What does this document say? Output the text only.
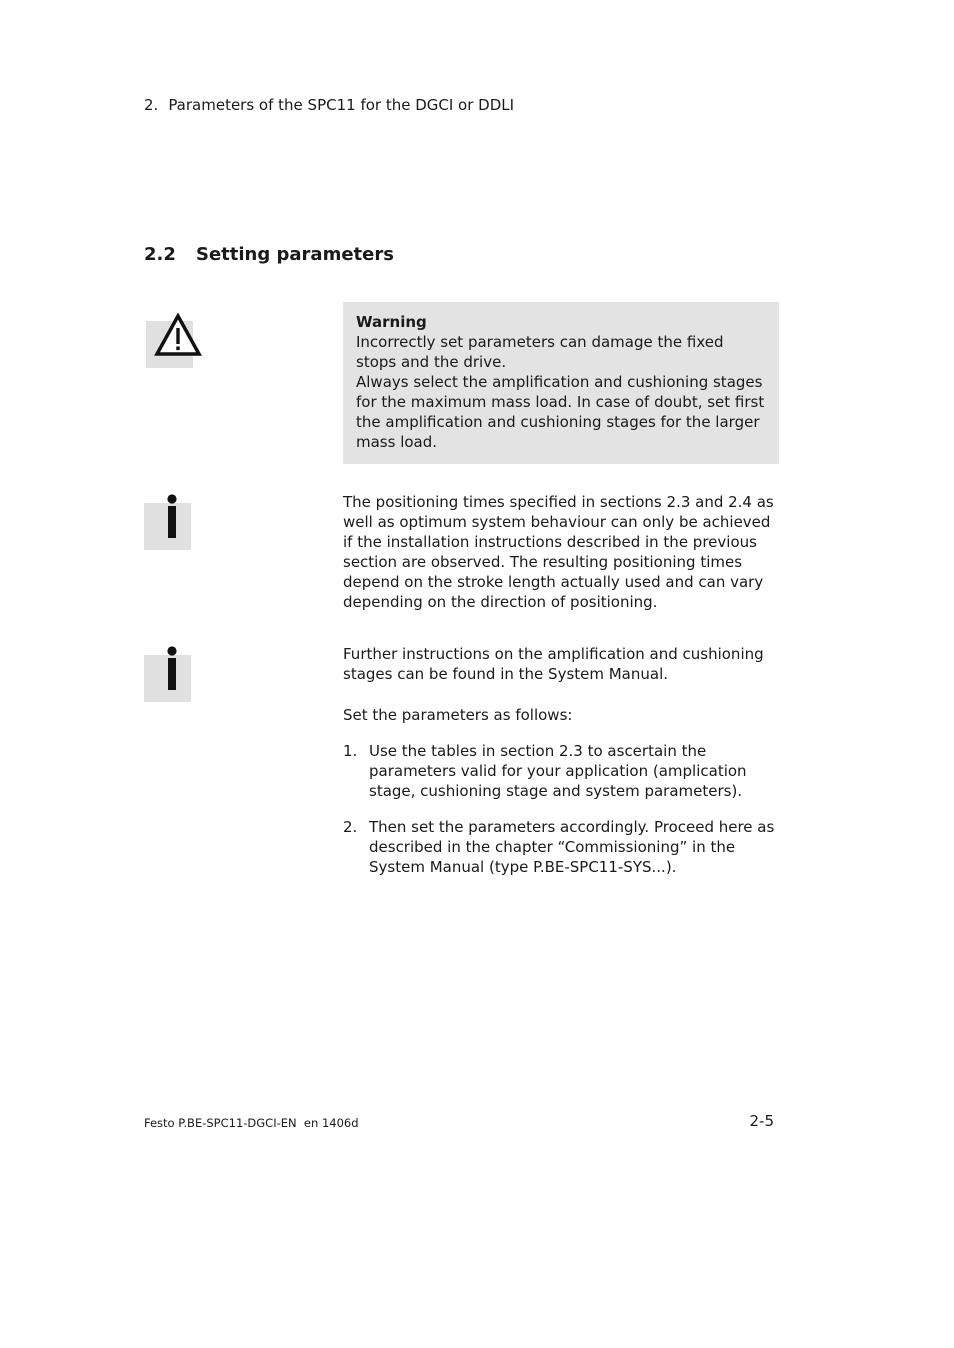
2. Parameters of the SPC11 for the DGCI or DDLI
2.2 Setting parameters
Warning
Incorrectly set parameters can damage the fixed stops and the drive.
Always select the amplification and cushioning stages for the maximum mass load. In case of doubt, set first the amplification and cushioning stages for the larger mass load.
The positioning times specified in sections 2.3 and 2.4 as well as optimum system behaviour can only be achieved if the installation instructions described in the previous section are observed. The resulting positioning times depend on the stroke length actually used and can vary depending on the direction of positioning.
Further instructions on the amplification and cushioning stages can be found in the System Manual.
Set the parameters as follows:
1. Use the tables in section 2.3 to ascertain the parameters valid for your application (amplication stage, cushioning stage and system parameters).
2. Then set the parameters accordingly. Proceed here as described in the chapter “Commissioning” in the System Manual (type P.BE-SPC11-SYS...).
Festo P.BE-SPC11-DGCI-EN  en 1406d	2-5
